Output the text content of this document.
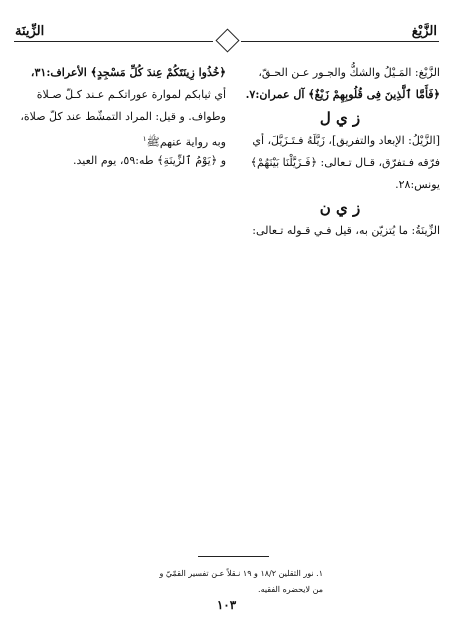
الزَّيْغ
الزِّينَة
الزَّيْغ: المَـيْلُ والشكُّ والجـور عـن الحـقّ،
﴿فَأَمَّا ٱلَّذِينَ فِى قُلُوبِهِمْ زَيْغٌ﴾ آل عمران:٧.
ز ي ل
[الزَّيْلُ: الإبعاد والتفريق]، زَيَّلَهُ فـتَـزَيَّلَ، أي
فرّقه فـتفرّق، قـال تـعالى: ﴿فَـزَيَّلْنَا بَيْنَهُمْ﴾
يونس:٢٨.
ز ي ن
الزِّينَةُ: ما يُتزيّن به، قيل فـي قـوله تـعالى:
﴿خُذُوا زِينَتَكُمْ عِندَ كُلِّ مَسْجِدٍ﴾ الأعراف:٣١،
أي ثيابكم لموارة عوراتكـم عـند كـلّ صـلاة
وطواف. و قيل: المراد التمشّط عند كلّ صلاة،
وبه رواية عنهمﷺ$^١$
و ﴿يَوْمُ ٱلزِّينَةِ﴾ طه:٥٩، يوم العيد.
١. نور الثقلين ١٨/٢ و ١٩ نـقلاً عـن تفسير القمّيّ و
من لايحضره الفقيه.
١٠٣
